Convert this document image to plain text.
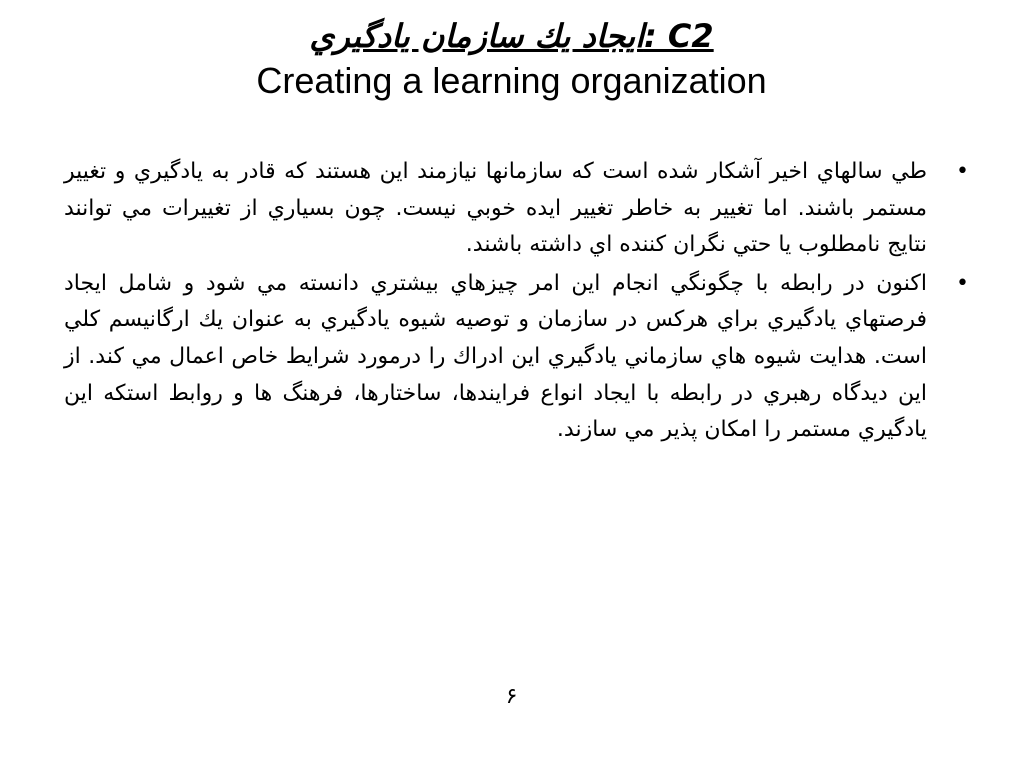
ايجاد يك سازمان يادگيري: C2
Creating a learning organization
•
طي سالهاي اخير آشكار شده است كه سازمانها نيازمند اين هستند كه قادر به يادگيري و تغيير مستمر باشند. اما تغيير به خاطر تغيير ايده خوبي نيست. چون بسياري از تغييرات مي توانند نتايج نامطلوب يا حتي نگران كننده اي داشته باشند.
•
اكنون در رابطه با چگونگي انجام اين امر چيزهاي بيشتري دانسته مي شود و شامل ايجاد فرصتهاي يادگيري براي هركس در سازمان و توصيه شيوه يادگيري به عنوان يك ارگانيسم كلي است. هدايت شيوه هاي سازماني يادگيري اين ادراك را درمورد شرايط خاص اعمال مي كند. از اين ديدگاه رهبري در رابطه با ايجاد انواع فرايندها، ساختارها، فرهنگ ها و روابط استكه اين يادگيري مستمر را امكان پذير مي سازند.
۶
